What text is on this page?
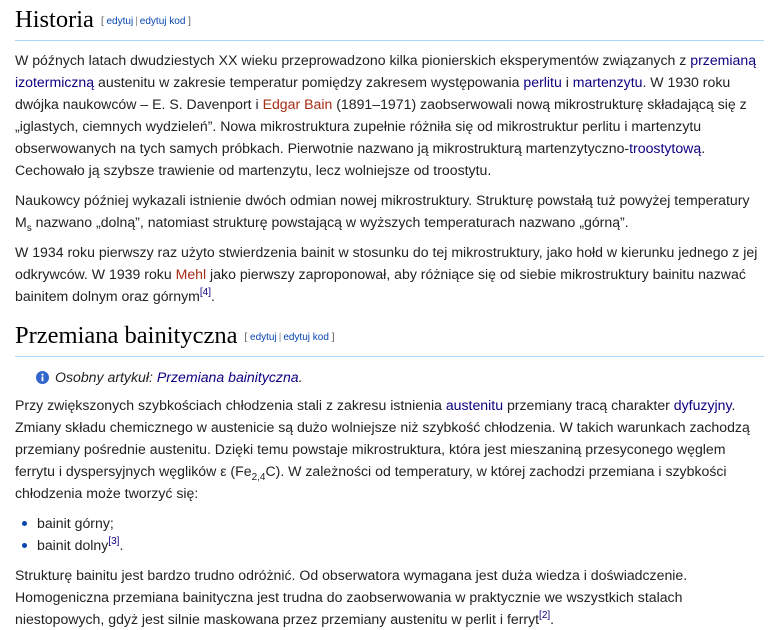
Historia [ edytuj | edytuj kod ]

W późnych latach dwudziestych XX wieku przeprowadzono kilka pionierskich eksperymentów związanych z przemianą izotermiczną austenitu w zakresie temperatur pomiędzy zakresem występowania perlitu i martenzytu. W 1930 roku dwójka naukowców – E. S. Davenport i Edgar Bain (1891–1971) zaobserwowali nową mikrostrukturę składającą się z „iglastych, ciemnych wydzieleń”. Nowa mikrostruktura zupełnie różniła się od mikrostruktur perlitu i martenzytu obserwowanych na tych samych próbkach. Pierwotnie nazwano ją mikrostrukturą martenzytyczno-troostytową. Cechowało ją szybsze trawienie od martenzytu, lecz wolniejsze od troostytu.

Naukowcy później wykazali istnienie dwóch odmian nowej mikrostruktury. Strukturę powstałą tuż powyżej temperatury $M_s$ nazwano „dolną”, natomiast strukturę powstającą w wyższych temperaturach nazwano „górną”.

W 1934 roku pierwszy raz użyto stwierdzenia bainit w stosunku do tej mikrostruktury, jako hołd w kierunku jednego z jej odkrywców. W 1939 roku Mehl jako pierwszy zaproponował, aby różniące się od siebie mikrostruktury bainitu nazwać bainitem dolnym oraz górnym[4].

Przemiana bainityczna [ edytuj | edytuj kod ]
Osobny artykuł: Przemiana bainityczna.

Przy zwiększonych szybkościach chłodzenia stali z zakresu istnienia austenitu przemiany tracą charakter dyfuzyjny. Zmiany składu chemicznego w austenicie są dużo wolniejsze niż szybkość chłodzenia. W takich warunkach zachodzą przemiany pośrednie austenitu. Dzięki temu powstaje mikrostruktura, która jest mieszaniną przesyconego węglem ferrytu i dyspersyjnych węglików ε $(Fe_{2,4}C)$. W zależności od temperatury, w której zachodzi przemiana i szybkości chłodzenia może tworzyć się:

bainit górny;
bainit dolny[3].

Strukturę bainitu jest bardzo trudno odróżnić. Od obserwatora wymagana jest duża wiedza i doświadczenie. Homogeniczna przemiana bainityczna jest trudna do zaobserwowania w praktycznie we wszystkich stalach niestopowych, gdyż jest silnie maskowana przez przemiany austenitu w perlit i ferryt[2].
